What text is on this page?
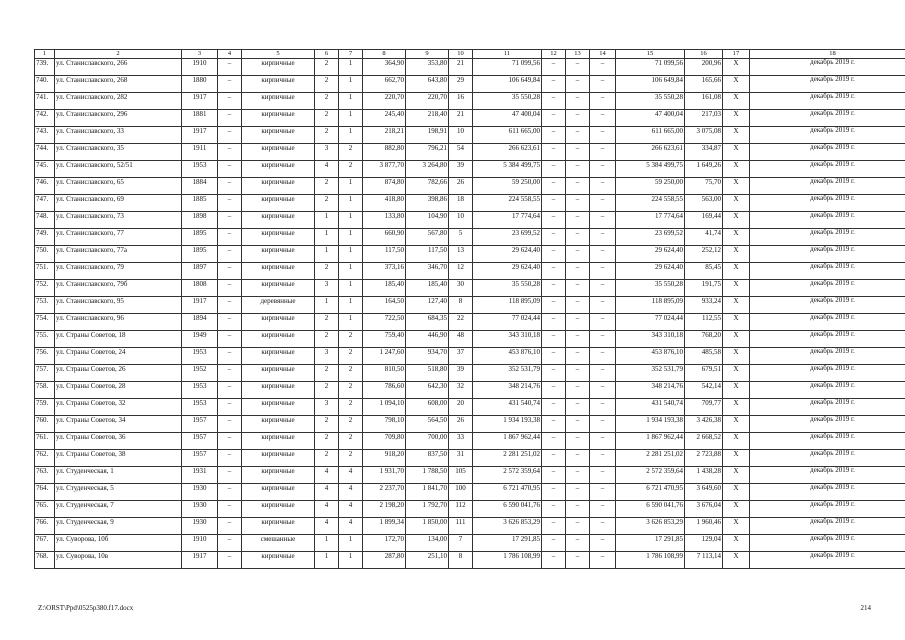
1	2	3	4	5	6	7	8	9	10	11	12	13	14	15	16	17	18
739.	ул. Станиславского, 266	1910	–	кирпичные	2	1	364,90	353,80	21	71 099,56	–	–	–	71 099,56	200,96	Х	декабрь 2019 г.
740.	ул. Станиславского, 268	1880	–	кирпичные	2	1	662,70	643,80	29	106 649,84	–	–	–	106 649,84	165,66	Х	декабрь 2019 г.
741.	ул. Станиславского, 282	1917	–	кирпичные	2	1	220,70	220,70	16	35 550,28	–	–	–	35 550,28	161,08	Х	декабрь 2019 г.
742.	ул. Станиславского, 296	1881	–	кирпичные	2	1	245,40	218,40	21	47 400,04	–	–	–	47 400,04	217,03	Х	декабрь 2019 г.
743.	ул. Станиславского, 33	1917	–	кирпичные	2	1	218,21	198,91	10	611 665,00	–	–	–	611 665,00	3 075,08	Х	декабрь 2019 г.
744.	ул. Станиславского, 35	1911	–	кирпичные	3	2	882,80	796,21	54	266 623,61	–	–	–	266 623,61	334,87	Х	декабрь 2019 г.
745.	ул. Станиславского, 52/51	1953	–	кирпичные	4	2	3 877,70	3 264,80	39	5 384 499,75	–	–	–	5 384 499,75	1 649,26	Х	декабрь 2019 г.
746.	ул. Станиславского, 65	1884	–	кирпичные	2	1	874,80	782,66	26	59 250,00	–	–	–	59 250,00	75,70	Х	декабрь 2019 г.
747.	ул. Станиславского, 69	1885	–	кирпичные	2	1	418,80	398,86	18	224 558,55	–	–	–	224 558,55	563,00	Х	декабрь 2019 г.
748.	ул. Станиславского, 73	1898	–	кирпичные	1	1	133,80	104,90	10	17 774,64	–	–	–	17 774,64	169,44	Х	декабрь 2019 г.
749.	ул. Станиславского, 77	1895	–	кирпичные	1	1	660,90	567,80	5	23 699,52	–	–	–	23 699,52	41,74	Х	декабрь 2019 г.
750.	ул. Станиславского, 77а	1895	–	кирпичные	1	1	117,50	117,50	13	29 624,40	–	–	–	29 624,40	252,12	Х	декабрь 2019 г.
751.	ул. Станиславского, 79	1897	–	кирпичные	2	1	373,16	346,70	12	29 624,40	–	–	–	29 624,40	85,45	Х	декабрь 2019 г.
752.	ул. Станиславского, 79б	1808	–	кирпичные	3	1	185,40	185,40	30	35 550,28	–	–	–	35 550,28	191,75	Х	декабрь 2019 г.
753.	ул. Станиславского, 95	1917	–	деревянные	1	1	164,50	127,40	8	118 895,09	–	–	–	118 895,09	933,24	Х	декабрь 2019 г.
754.	ул. Станиславского, 96	1894	–	кирпичные	2	1	722,50	684,35	22	77 024,44	–	–	–	77 024,44	112,55	Х	декабрь 2019 г.
755.	ул. Страны Советов, 18	1949	–	кирпичные	2	2	759,40	446,90	48	343 310,18	–	–	–	343 310,18	768,20	Х	декабрь 2019 г.
756.	ул. Страны Советов, 24	1953	–	кирпичные	3	2	1 247,60	934,70	37	453 876,10	–	–	–	453 876,10	485,58	Х	декабрь 2019 г.
757.	ул. Страны Советов, 26	1952	–	кирпичные	2	2	810,50	518,80	39	352 531,79	–	–	–	352 531,79	679,51	Х	декабрь 2019 г.
758.	ул. Страны Советов, 28	1953	–	кирпичные	2	2	786,60	642,30	32	348 214,76	–	–	–	348 214,76	542,14	Х	декабрь 2019 г.
759.	ул. Страны Советов, 32	1953	–	кирпичные	3	2	1 094,10	608,00	20	431 540,74	–	–	–	431 540,74	709,77	Х	декабрь 2019 г.
760.	ул. Страны Советов, 34	1957	–	кирпичные	2	2	798,10	564,50	26	1 934 193,38	–	–	–	1 934 193,38	3 426,38	Х	декабрь 2019 г.
761.	ул. Страны Советов, 36	1957	–	кирпичные	2	2	709,80	700,00	33	1 867 962,44	–	–	–	1 867 962,44	2 668,52	Х	декабрь 2019 г.
762.	ул. Страны Советов, 38	1957	–	кирпичные	2	2	918,20	837,50	31	2 281 251,02	–	–	–	2 281 251,02	2 723,88	Х	декабрь 2019 г.
763.	ул. Студенческая, 1	1931	–	кирпичные	4	4	1 931,70	1 788,50	105	2 572 359,64	–	–	–	2 572 359,64	1 438,28	Х	декабрь 2019 г.
764.	ул. Студенческая, 5	1930	–	кирпичные	4	4	2 237,70	1 841,70	100	6 721 470,95	–	–	–	6 721 470,95	3 649,60	Х	декабрь 2019 г.
765.	ул. Студенческая, 7	1930	–	кирпичные	4	4	2 198,20	1 792,70	112	6 590 041,76	–	–	–	6 590 041,76	3 676,04	Х	декабрь 2019 г.
766.	ул. Студенческая, 9	1930	–	кирпичные	4	4	1 899,34	1 850,00	111	3 626 853,29	–	–	–	3 626 853,29	1 960,46	Х	декабрь 2019 г.
767.	ул. Суворова, 10б	1910	–	смешанные	1	1	172,70	134,00	7	17 291,85	–	–	–	17 291,85	129,04	Х	декабрь 2019 г.
768.	ул. Суворова, 10в	1917	–	кирпичные	1	1	287,80	251,10	8	1 786 108,99	–	–	–	1 786 108,99	7 113,14	Х	декабрь 2019 г.
Z:\ORST\Ppd\0525p380.f17.docx	214
